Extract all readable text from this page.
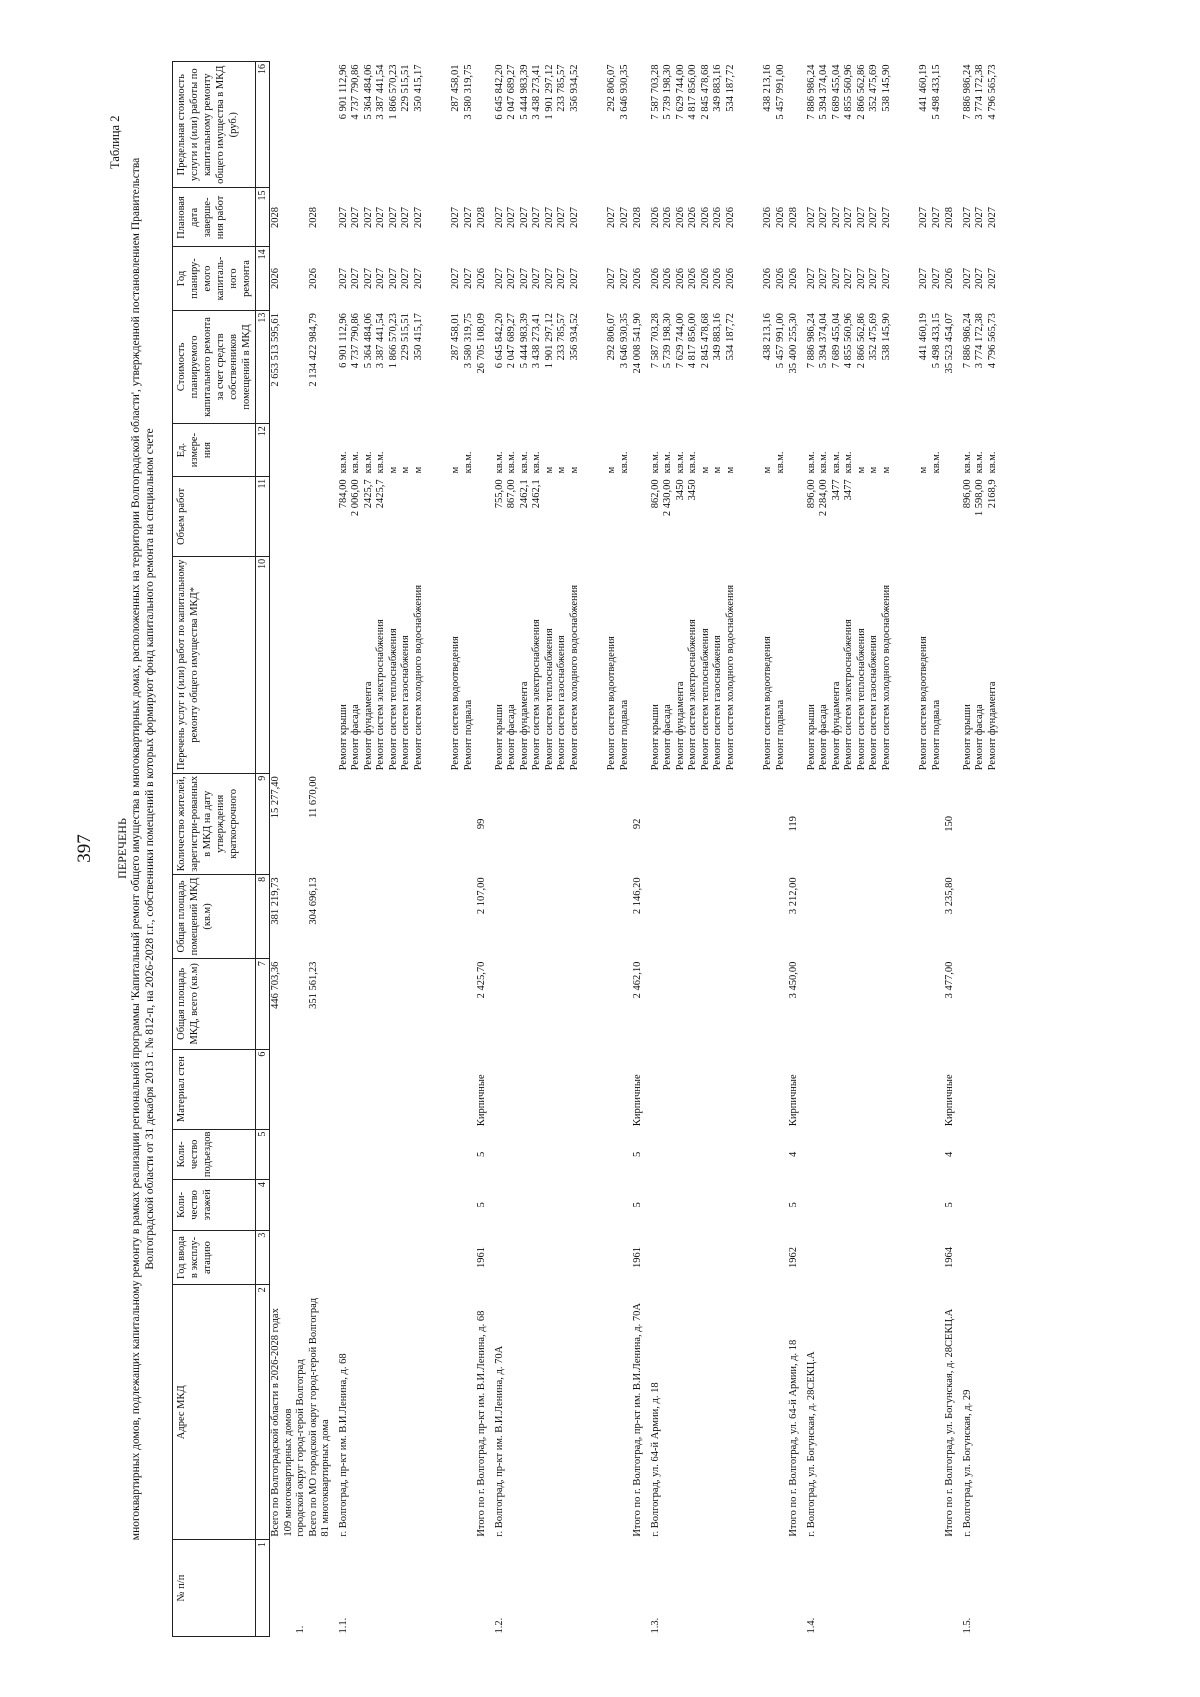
397
Таблица 2
ПЕРЕЧЕНЬ многоквартирных домов, подлежащих капитальному ремонту в рамках реализации региональной программы 'Капитальный ремонт общего имущества в многоквартирных домах, расположенных на территории Волгоградской области', утвержденной постановлением Правительства Волгоградской области от 31 декабря 2013 г. № 812-п, на 2026-2028 г.г., собственники помещений в которых формируют фонд капитального ремонта на специальном счете
№ п/п	Адрес МКД	Год ввода в эксплу-атацию	Коли-чество этажей	Коли-чество подъездов	Материал стен	Общая площадь МКД, всего (кв.м)	Общая площадь помещений МКД (кв.м)	Количество жителей, зарегистри-рованных в МКД на дату утверждения краткосрочного	Перечень услуг и (или) работ по капитальному ремонту общего имущества МКД*	Объем работ	Ед. измере-ния	Стоимость планируемого капитального ремонта за счет средств собственников помещений в МКД	Год планиру-емого капиталь-ного ремонта	Плановая дата заверше-ния работ	Предельная стоимость услуги и (или) работы по капитальному ремонту общего имущества в МКД (руб.)
1	2	3	4	5	6	7	8	9	10	11	12	13	14	15	16
	Всего по Волгоградской области в 2026-2028 годах					446 703,36	381 219,73	15 277,40				2 653 513 595,61	2026	2028	
	109 многоквартирных домов														
1.	городской округ город-герой Волгоград														
	Всего по МО городской округ город-герой Волгоград					351 561,23	304 696,13	11 670,00				2 134 422 984,79	2026	2028	
	81 многоквартирных дома														

1.1.	г. Волгоград, пр-кт им. В.И.Ленина, д. 68								Ремонт крыши	784,00	кв.м.	6 901 112,96	2027	2027	6 901 112,96
									Ремонт фасада	2 006,00	кв.м.	4 737 790,86	2027	2027	4 737 790,86
									Ремонт фундамента	2425,7	кв.м.	5 364 484,06	2027	2027	5 364 484,06
									Ремонт систем электроснабжения	2425,7	кв.м.	3 387 441,54	2027	2027	3 387 441,54
									Ремонт систем теплоснабжения		м	1 866 570,23	2027	2027	1 866 570,23
									Ремонт систем газоснабжения		м	229 515,51	2027	2027	229 515,51
									Ремонт систем холодного водоснабжения		м	350 415,17	2027	2027	350 415,17

									Ремонт систем водоотведения		м	287 458,01	2027	2027	287 458,01
									Ремонт подвала		кв.м.	3 580 319,75	2027	2027	3 580 319,75
	Итого по г. Волгоград, пр-кт им. В.И.Ленина, д. 68	1961	5	5	Кирпичные	2 425,70	2 107,00	99				26 705 108,09	2026	2028	

1.2.	г. Волгоград, пр-кт им. В.И.Ленина, д. 70А								Ремонт крыши	755,00	кв.м.	6 645 842,20	2027	2027	6 645 842,20
									Ремонт фасада	867,00	кв.м.	2 047 689,27	2027	2027	2 047 689,27
									Ремонт фундамента	2462,1	кв.м.	5 444 983,39	2027	2027	5 444 983,39
									Ремонт систем электроснабжения	2462,1	кв.м.	3 438 273,41	2027	2027	3 438 273,41
									Ремонт систем теплоснабжения		м	1 901 297,12	2027	2027	1 901 297,12
									Ремонт систем газоснабжения		м	233 785,57	2027	2027	233 785,57
									Ремонт систем холодного водоснабжения		м	356 934,52	2027	2027	356 934,52

									Ремонт систем водоотведения		м	292 806,07	2027	2027	292 806,07
									Ремонт подвала		кв.м.	3 646 930,35	2027	2027	3 646 930,35
	Итого по г. Волгоград, пр-кт им. В.И.Ленина, д. 70А	1961	5	5	Кирпичные	2 462,10	2 146,20	92				24 008 541,90	2026	2028	

1.3.	г. Волгоград, ул. 64-й Армии, д. 18								Ремонт крыши	862,00	кв.м.	7 587 703,28	2026	2026	7 587 703,28
									Ремонт фасада	2 430,00	кв.м.	5 739 198,30	2026	2026	5 739 198,30
									Ремонт фундамента	3450	кв.м.	7 629 744,00	2026	2026	7 629 744,00
									Ремонт систем электроснабжения	3450	кв.м.	4 817 856,00	2026	2026	4 817 856,00
									Ремонт систем теплоснабжения		м	2 845 478,68	2026	2026	2 845 478,68
									Ремонт систем газоснабжения		м	349 883,16	2026	2026	349 883,16
									Ремонт систем холодного водоснабжения		м	534 187,72	2026	2026	534 187,72

									Ремонт систем водоотведения		м	438 213,16	2026	2026	438 213,16
									Ремонт подвала		кв.м.	5 457 991,00	2026	2026	5 457 991,00
	Итого по г. Волгоград, ул. 64-й Армии, д. 18	1962	5	4	Кирпичные	3 450,00	3 212,00	119				35 400 255,30	2026	2028	

1.4.	г. Волгоград, ул. Богунская, д. 28СЕКЦ.А								Ремонт крыши	896,00	кв.м.	7 886 986,24	2027	2027	7 886 986,24
									Ремонт фасада	2 284,00	кв.м.	5 394 374,04	2027	2027	5 394 374,04
									Ремонт фундамента	3477	кв.м.	7 689 455,04	2027	2027	7 689 455,04
									Ремонт систем электроснабжения	3477	кв.м.	4 855 560,96	2027	2027	4 855 560,96
									Ремонт систем теплоснабжения		м	2 866 562,86	2027	2027	2 866 562,86
									Ремонт систем газоснабжения		м	352 475,69	2027	2027	352 475,69
									Ремонт систем холодного водоснабжения		м	538 145,90	2027	2027	538 145,90

									Ремонт систем водоотведения		м	441 460,19	2027	2027	441 460,19
									Ремонт подвала		кв.м.	5 498 433,15	2027	2027	5 498 433,15
	Итого по г. Волгоград, ул. Богунская, д. 28СЕКЦ.А	1964	5	4	Кирпичные	3 477,00	3 235,80	150				35 523 454,07	2026	2028	

1.5.	г. Волгоград, ул. Богунская, д. 29								Ремонт крыши	896,00	кв.м.	7 886 986,24	2027	2027	7 886 986,24
									Ремонт фасада	1 598,00	кв.м.	3 774 172,38	2027	2027	3 774 172,38
									Ремонт фундамента	2168,9	кв.м.	4 796 565,73	2027	2027	4 796 565,73
